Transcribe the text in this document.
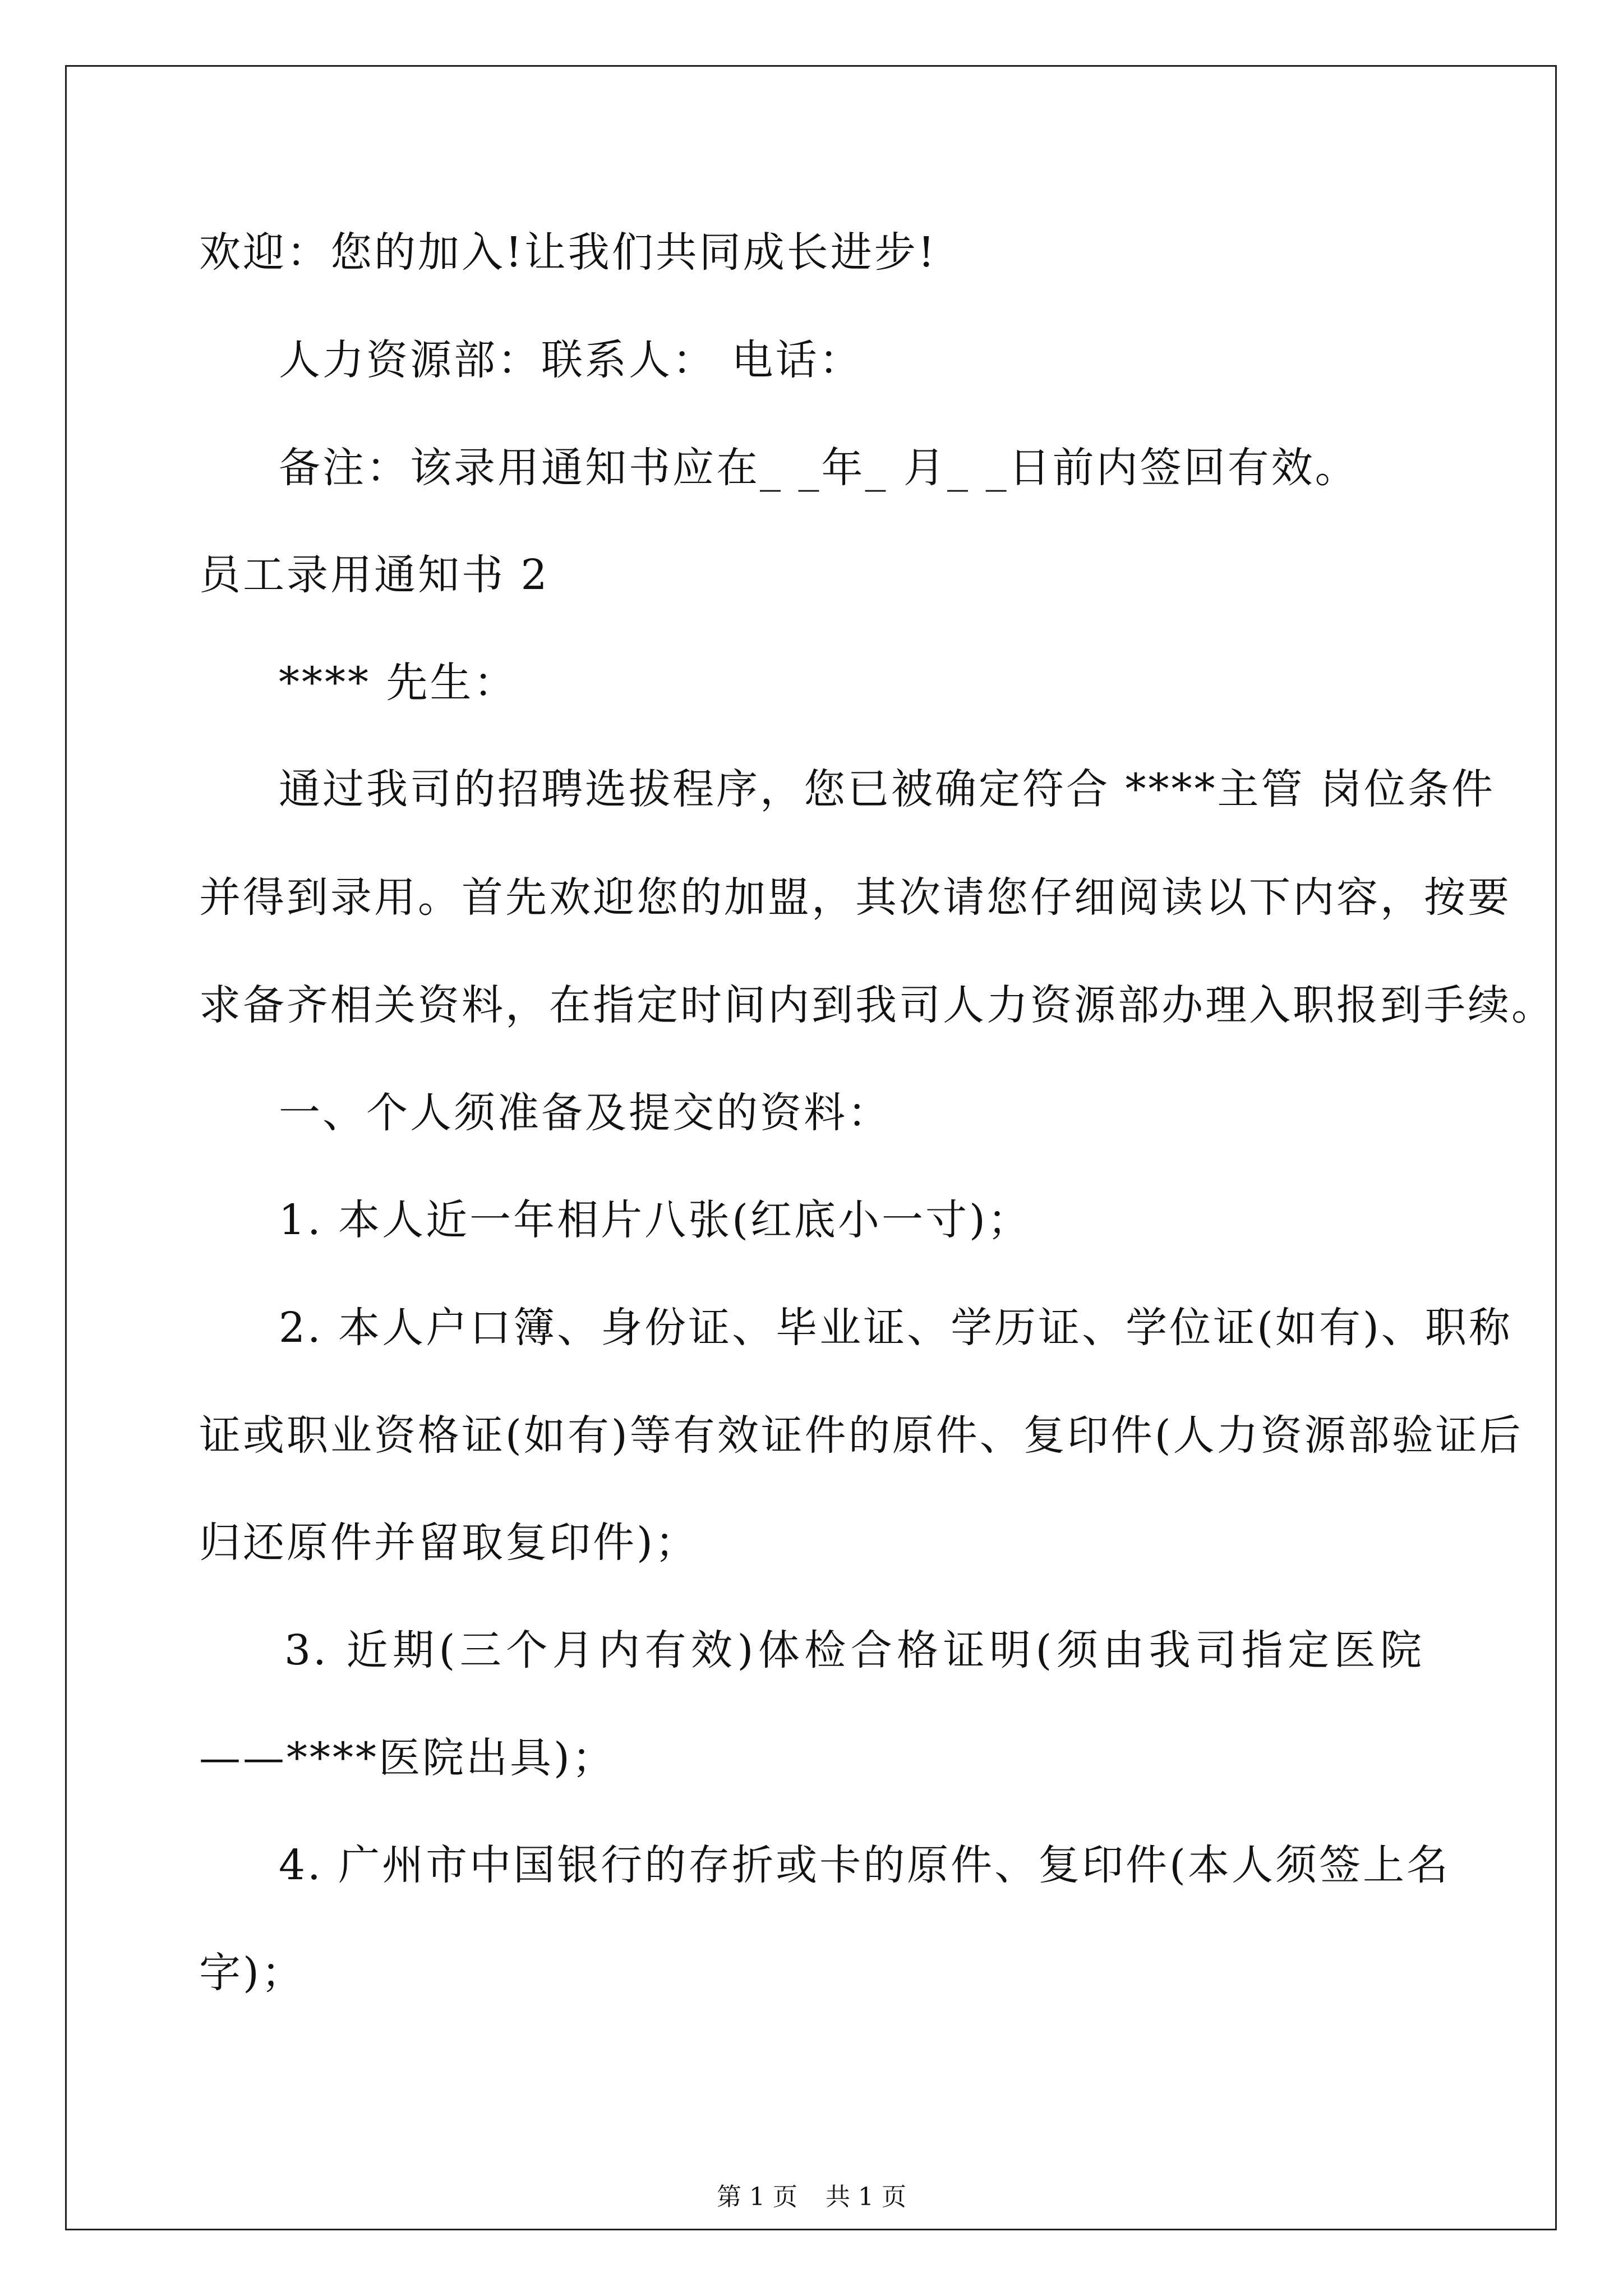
欢迎：您的加入!让我们共同成长进步!
人力资源部：联系人： 电话：
备注：该录用通知书应在_ _年_ 月_ _日前内签回有效。
员工录用通知书 2
**** 先生：
通过我司的招聘选拔程序，您已被确定符合 ****主管 岗位条件
并得到录用。首先欢迎您的加盟，其次请您仔细阅读以下内容，按要
求备齐相关资料，在指定时间内到我司人力资源部办理入职报到手续。
一、个人须准备及提交的资料：
1. 本人近一年相片八张(红底小一寸)；
2. 本人户口簿、身份证、毕业证、学历证、学位证(如有)、职称
证或职业资格证(如有)等有效证件的原件、复印件(人力资源部验证后
归还原件并留取复印件)；
3. 近期(三个月内有效)体检合格证明(须由我司指定医院
——****医院出具)；
4. 广州市中国银行的存折或卡的原件、复印件(本人须签上名
字)；
第 1 页 共 1 页
